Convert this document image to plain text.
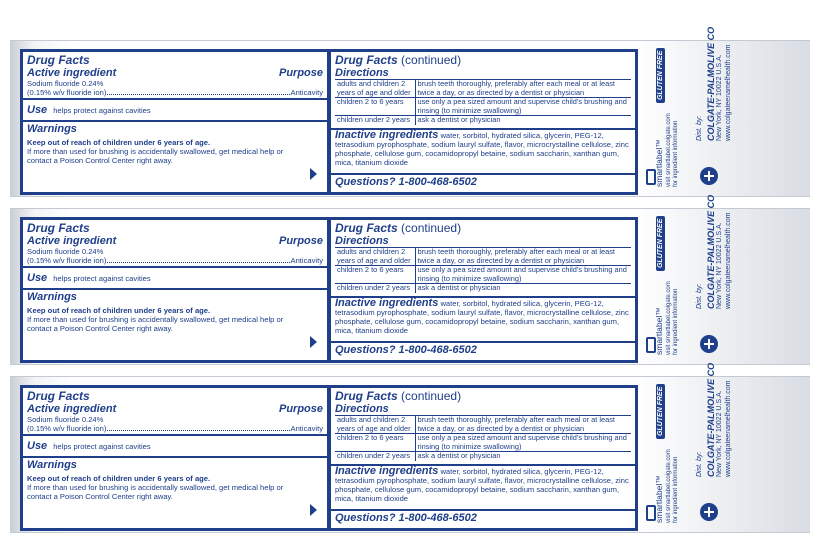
Drug Facts
Active ingredient	Purpose
Sodium fluoride 0.24%
(0.15% w/v fluoride ion)	Anticavity
Use helps protect against cavities
Warnings
Keep out of reach of children under 6 years of age.
If more than used for brushing is accidentally swallowed, get medical help or contact a Poison Control Center right away.
Drug Facts (continued)
Directions
adults and children 2 years of age and older	brush teeth thoroughly, preferably after each meal or at least twice a day, or as directed by a dentist or physician
children 2 to 6 years	use only a pea sized amount and supervise child's brushing and rinsing (to minimize swallowing)
children under 2 years	ask a dentist or physician
Inactive ingredients water, sorbitol, hydrated silica, glycerin, PEG-12, tetrasodium pyrophosphate, sodium lauryl sulfate, flavor, microcrystalline cellulose, zinc phosphate, cellulose gum, cocamidopropyl betaine, sodium saccharin, xanthan gum, mica, titanium dioxide
Questions? 1-800-468-6502	smartlabel™ visit smartlabel.colgate.com
for ingredient information
GLUTEN FREE
Dist. by: COLGATE-PALMOLIVE CO New York, NY 10022 U.S.A. www.colgateenamelhealth.com
Drug Facts
Active ingredient	Purpose
Sodium fluoride 0.24%
(0.15% w/v fluoride ion)	Anticavity
Use helps protect against cavities
Warnings
Keep out of reach of children under 6 years of age.
If more than used for brushing is accidentally swallowed, get medical help or contact a Poison Control Center right away.
Drug Facts (continued)
Directions
adults and children 2 years of age and older	brush teeth thoroughly, preferably after each meal or at least twice a day, or as directed by a dentist or physician
children 2 to 6 years	use only a pea sized amount and supervise child's brushing and rinsing (to minimize swallowing)
children under 2 years	ask a dentist or physician
Inactive ingredients water, sorbitol, hydrated silica, glycerin, PEG-12, tetrasodium pyrophosphate, sodium lauryl sulfate, flavor, microcrystalline cellulose, zinc phosphate, cellulose gum, cocamidopropyl betaine, sodium saccharin, xanthan gum, mica, titanium dioxide
Questions? 1-800-468-6502	smartlabel™ visit smartlabel.colgate.com
for ingredient information
GLUTEN FREE
Dist. by: COLGATE-PALMOLIVE CO New York, NY 10022 U.S.A. www.colgateenamelhealth.com
Drug Facts
Active ingredient	Purpose
Sodium fluoride 0.24%
(0.15% w/v fluoride ion)	Anticavity
Use helps protect against cavities
Warnings
Keep out of reach of children under 6 years of age.
If more than used for brushing is accidentally swallowed, get medical help or contact a Poison Control Center right away.
Drug Facts (continued)
Directions
adults and children 2 years of age and older	brush teeth thoroughly, preferably after each meal or at least twice a day, or as directed by a dentist or physician
children 2 to 6 years	use only a pea sized amount and supervise child's brushing and rinsing (to minimize swallowing)
children under 2 years	ask a dentist or physician
Inactive ingredients water, sorbitol, hydrated silica, glycerin, PEG-12, tetrasodium pyrophosphate, sodium lauryl sulfate, flavor, microcrystalline cellulose, zinc phosphate, cellulose gum, cocamidopropyl betaine, sodium saccharin, xanthan gum, mica, titanium dioxide
Questions? 1-800-468-6502	smartlabel™ visit smartlabel.colgate.com
for ingredient information
GLUTEN FREE
Dist. by: COLGATE-PALMOLIVE CO New York, NY 10022 U.S.A. www.colgateenamelhealth.com
